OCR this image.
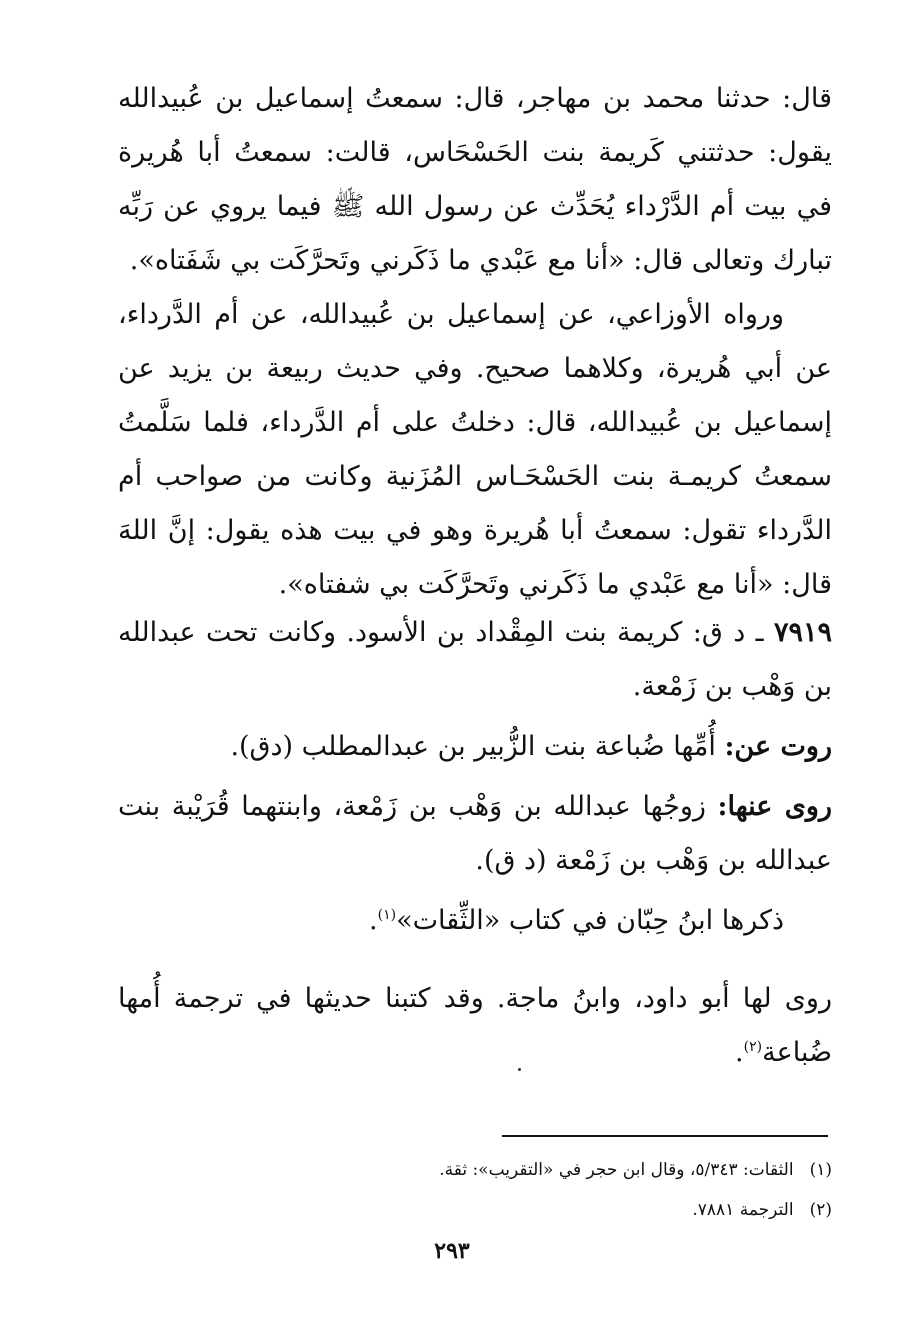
قال: حدثنا محمد بن مهاجر، قال: سمعتُ إسماعيل بن عُبيدالله يقول: حدثتني كَريمة بنت الحَسْحَاس، قالت: سمعتُ أبا هُريرة في بيت أم الدَّرْداء يُحَدِّث عن رسول الله ﷺ فيما يروي عن رَبِّه تبارك وتعالى قال: «أنا مع عَبْدي ما ذَكَرني وتَحرَّكَت بي شَفَتاه».
ورواه الأوزاعي، عن إسماعيل بن عُبيدالله، عن أم الدَّرداء، عن أبي هُريرة، وكلاهما صحيح. وفي حديث ربيعة بن يزيد عن إسماعيل بن عُبيدالله، قال: دخلتُ على أم الدَّرداء، فلما سَلَّمتُ سمعتُ كريمـة بنت الحَسْحَـاس المُزَنية وكانت من صواحب أم الدَّرداء تقول: سمعتُ أبا هُريرة وهو في بيت هذه يقول: إنَّ اللهَ قال: «أنا مع عَبْدي ما ذَكَرني وتَحرَّكَت بي شفتاه».
٧٩١٩ ـ د ق: كريمة بنت المِقْداد بن الأسود. وكانت تحت عبدالله بن وَهْب بن زَمْعة.
روت عن: أُمِّها ضُباعة بنت الزُّبير بن عبدالمطلب (دق).
روى عنها: زوجُها عبدالله بن وَهْب بن زَمْعة، وابنتهما قُرَيْبة بنت عبدالله بن وَهْب بن زَمْعة (د ق).
ذكرها ابنُ حِبّان في كتاب «الثِّقات»$^{(١)}$.
روى لها أبو داود، وابنُ ماجة. وقد كتبنا حديثها في ترجمة أُمها ضُباعة$^{(٢)}$.
(١)الثقات: ٥/٣٤٣، وقال ابن حجر في «التقريب»: ثقة.
(٢)الترجمة ٧٨٨١.
٢٩٣
